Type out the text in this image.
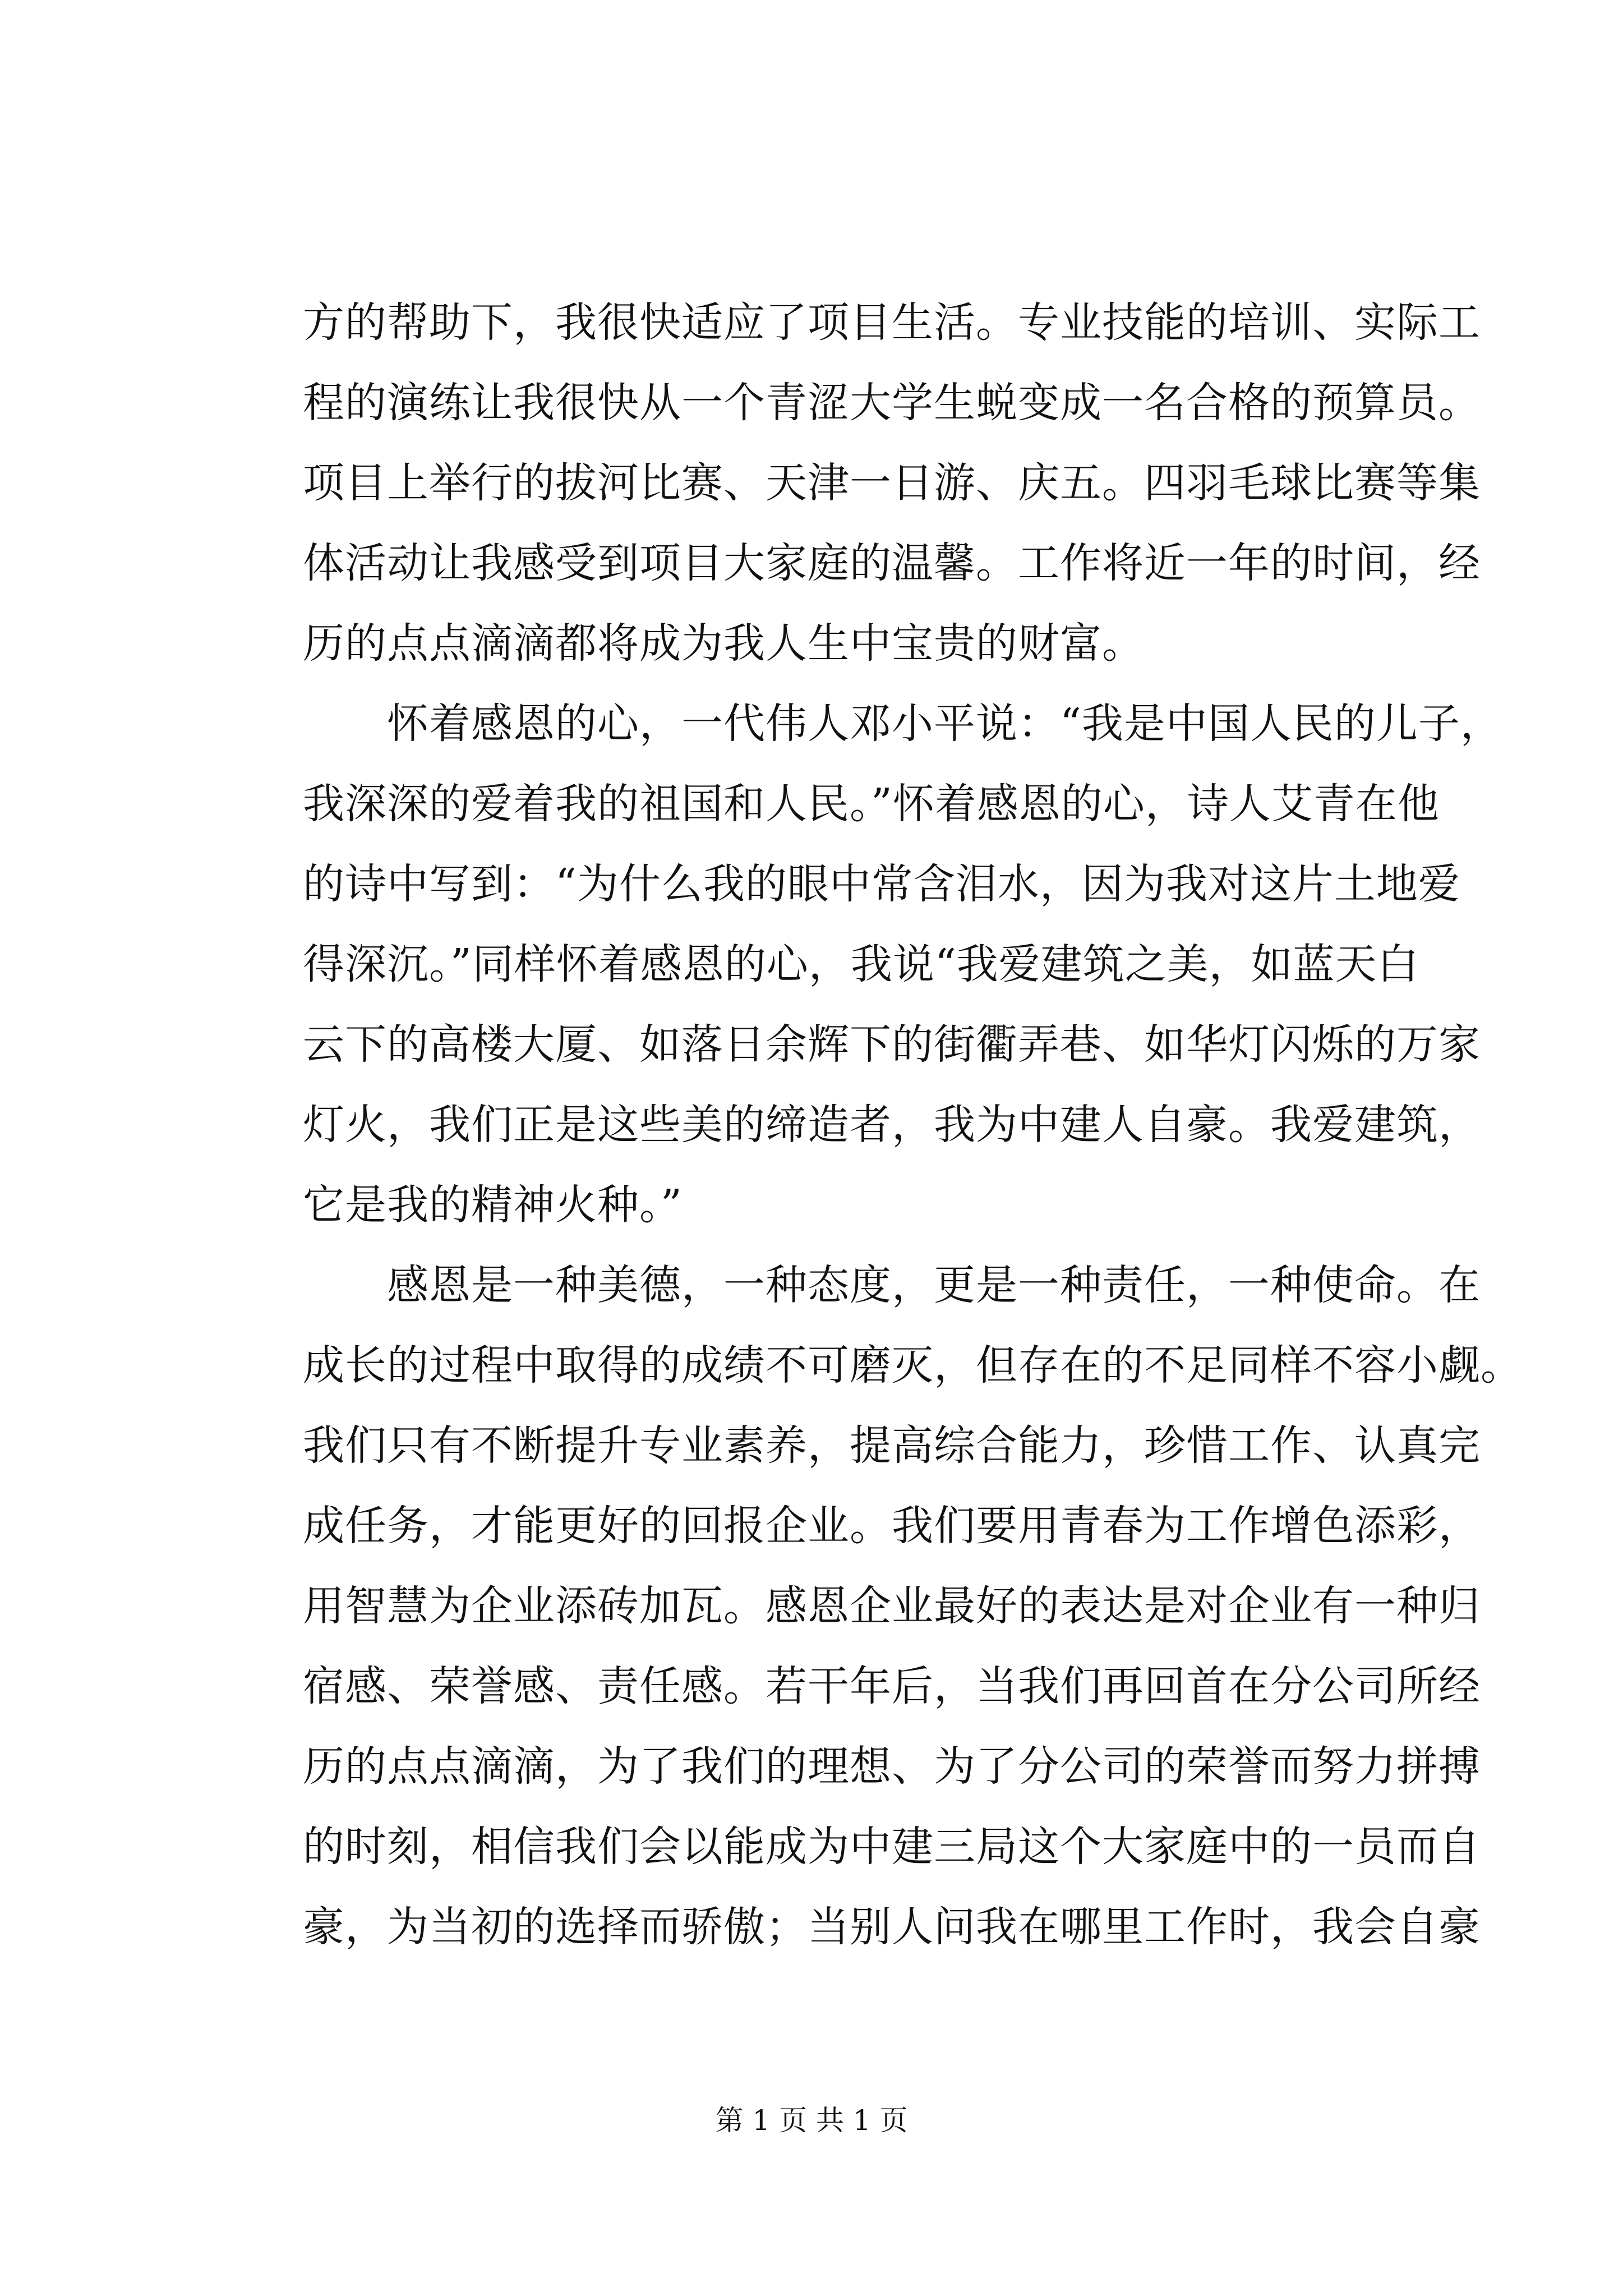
方的帮助下，我很快适应了项目生活。专业技能的培训、实际工
程的演练让我很快从一个青涩大学生蜕变成一名合格的预算员。
项目上举行的拔河比赛、天津一日游、庆五。四羽毛球比赛等集
体活动让我感受到项目大家庭的温馨。工作将近一年的时间，经
历的点点滴滴都将成为我人生中宝贵的财富。
怀着感恩的心，一代伟人邓小平说：“我是中国人民的儿子，
我深深的爱着我的祖国和人民。”怀着感恩的心，诗人艾青在他
的诗中写到：“为什么我的眼中常含泪水，因为我对这片土地爱
得深沉。”同样怀着感恩的心，我说“我爱建筑之美，如蓝天白
云下的高楼大厦、如落日余辉下的街衢弄巷、如华灯闪烁的万家
灯火，我们正是这些美的缔造者，我为中建人自豪。我爱建筑，
它是我的精神火种。”
感恩是一种美德，一种态度，更是一种责任，一种使命。在
成长的过程中取得的成绩不可磨灭，但存在的不足同样不容小觑。
我们只有不断提升专业素养，提高综合能力，珍惜工作、认真完
成任务，才能更好的回报企业。我们要用青春为工作增色添彩，
用智慧为企业添砖加瓦。感恩企业最好的表达是对企业有一种归
宿感、荣誉感、责任感。若干年后，当我们再回首在分公司所经
历的点点滴滴，为了我们的理想、为了分公司的荣誉而努力拼搏
的时刻，相信我们会以能成为中建三局这个大家庭中的一员而自
豪，为当初的选择而骄傲；当别人问我在哪里工作时，我会自豪
第 1 页 共 1 页
